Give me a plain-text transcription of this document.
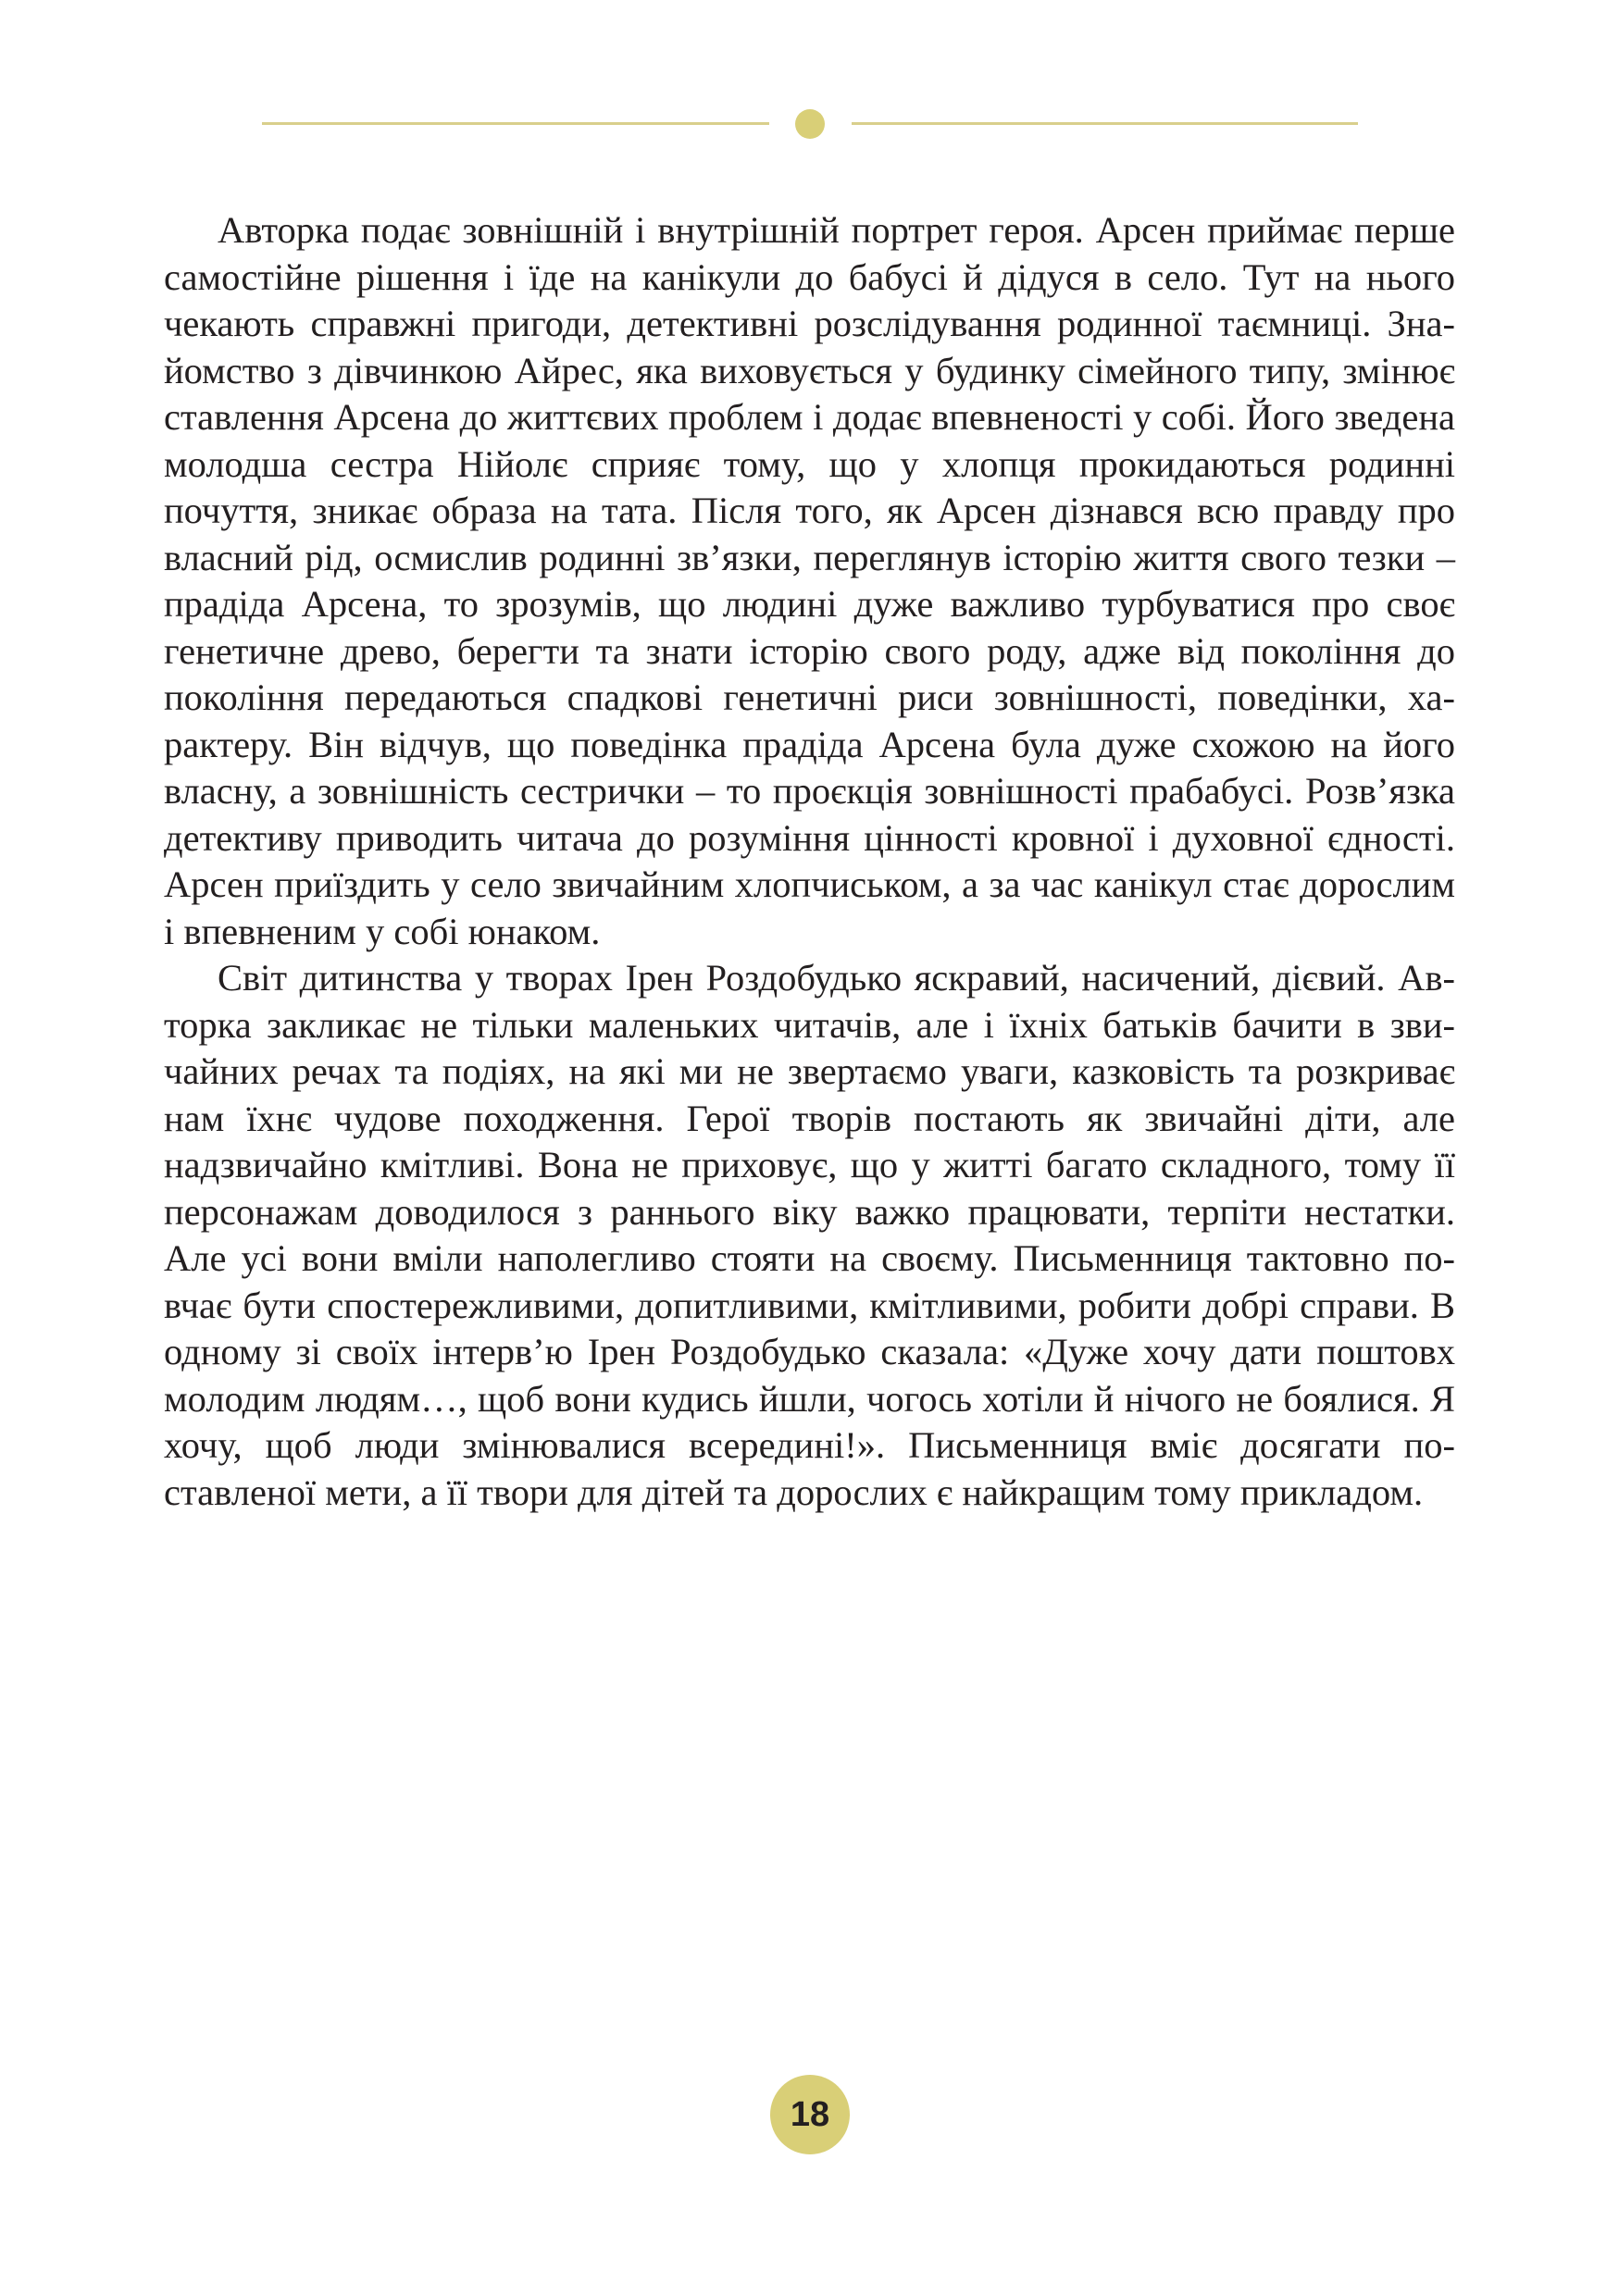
Авторка подає зовнішній і внутрішній портрет героя. Арсен приймає перше самостійне рішення і їде на канікули до бабусі й дідуся в село. Тут на нього чекають справжні пригоди, детективні розслідування родинної таємниці. Знайомство з дівчинкою Айрес, яка виховується у будинку сімейного типу, змінює ставлення Арсена до життєвих проблем і додає впевненості у собі. Його зведена молодша сестра Нійолє сприяє тому, що у хлопця прокидаються родинні почуття, зникає образа на тата. Після того, як Арсен дізнався всю правду про власний рід, осмислив родинні зв’язки, переглянув історію життя свого тезки – прадіда Арсена, то зрозумів, що людині дуже важливо турбуватися про своє генетичне древо, берегти та знати історію свого роду, адже від покоління до покоління передаються спадкові генетичні риси зовнішності, поведінки, характеру. Він відчув, що поведінка прадіда Арсена була дуже схожою на його власну, а зовнішність сестрички – то проєкція зовнішності прабабусі. Розв’язка детективу приводить читача до розуміння цінності кровної і духовної єдності. Арсен приїздить у село звичайним хлопчиськом, а за час канікул стає дорослим і впевненим у собі юнаком.

Світ дитинства у творах Ірен Роздобудько яскравий, насичений, дієвий. Авторка закликає не тільки маленьких читачів, але і їхніх батьків бачити в звичайних речах та подіях, на які ми не звертаємо уваги, казковість та розкриває нам їхнє чудове походження. Герої творів постають як звичайні діти, але надзвичайно кмітливі. Вона не приховує, що у житті багато складного, тому її персонажам доводилося з раннього віку важко працювати, терпіти нестатки. Але усі вони вміли наполегливо стояти на своєму. Письменниця тактовно повчає бути спостережливими, допитливими, кмітливими, робити добрі справи. В одному зі своїх інтерв’ю Ірен Роздобудько сказала: «Дуже хочу дати поштовх молодим людям…, щоб вони кудись йшли, чогось хотіли й нічого не боялися. Я хочу, щоб люди змінювалися всередині!». Письменниця вміє досягати поставленої мети, а її твори для дітей та дорослих є найкращим тому прикладом.

18
